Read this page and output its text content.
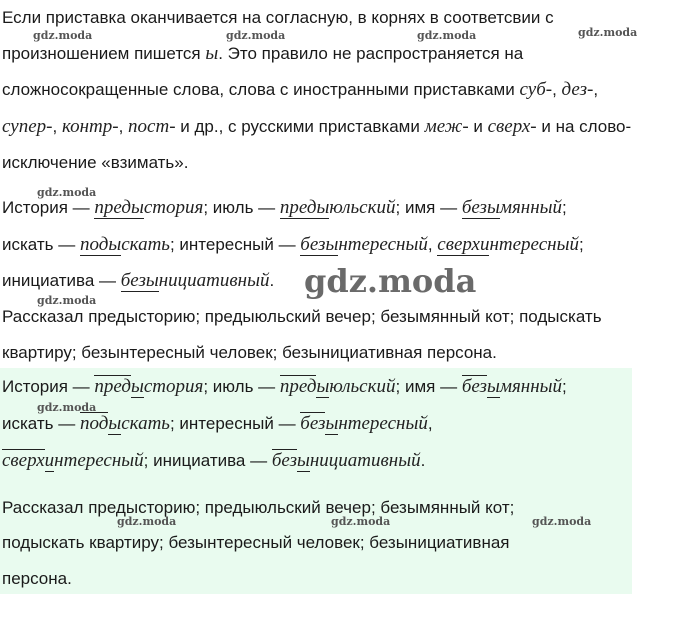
Если приставка оканчивается на согласную, в корнях в соответсвии с
произношением пишется ы. Это правило не распространяется на
сложносокращенные слова, слова с иностранными приставками суб-, дез-,
супер-, контр-, пост- и др., с русскими приставками меж- и сверх- и на слово-
исключение «взимать».
История — предыстория; июль — предыюльский; имя — безымянный;
искать — подыскать; интересный — безынтересный, сверхинтересный;
инициатива — безынициативный.
Рассказал предысторию; предыюльский вечер; безымянный кот; подыскать
квартиру; безынтересный человек; безынициативная персона.
История — предыстория; июль — предыюльский; имя — безымянный;
искать — подыскать; интересный — безынтересный,
сверхинтересный; инициатива — безынициативный.
Рассказал предысторию; предыюльский вечер; безымянный кот;
подыскать квартиру; безынтересный человек; безынициативная
персона.
gdz.moda	gdz.moda	gdz.moda	gdz.moda
gdz.moda
gdz.moda
gdz.moda
gdz.moda
gdz.moda	gdz.moda	gdz.moda
